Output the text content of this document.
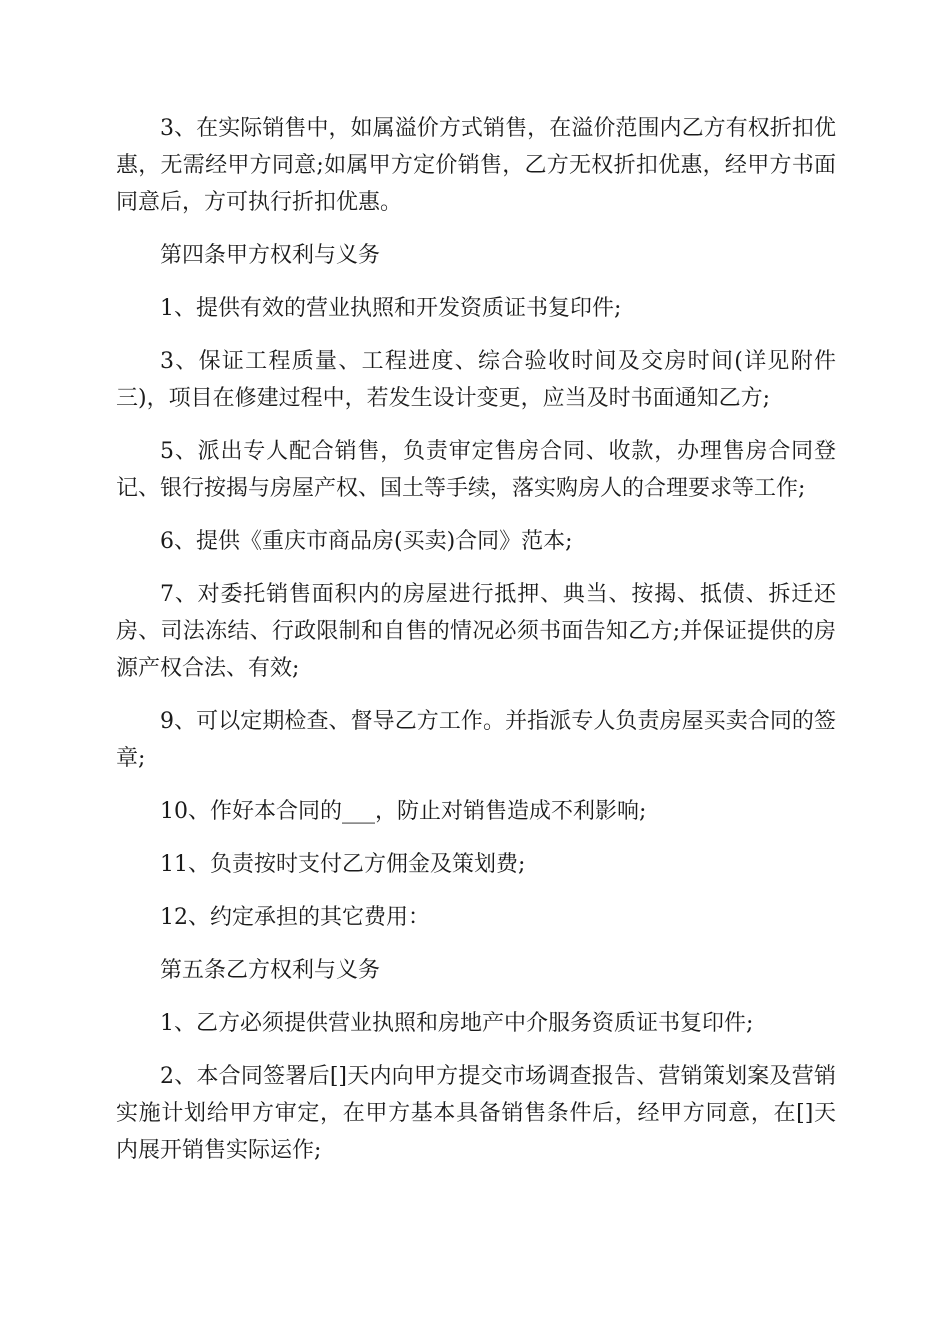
3、在实际销售中，如属溢价方式销售，在溢价范围内乙方有权折扣优惠，无需经甲方同意;如属甲方定价销售，乙方无权折扣优惠，经甲方书面同意后，方可执行折扣优惠。

第四条甲方权利与义务

1、提供有效的营业执照和开发资质证书复印件;

3、保证工程质量、工程进度、综合验收时间及交房时间(详见附件三)，项目在修建过程中，若发生设计变更，应当及时书面通知乙方;

5、派出专人配合销售，负责审定售房合同、收款，办理售房合同登记、银行按揭与房屋产权、国土等手续，落实购房人的合理要求等工作;

6、提供《重庆市商品房(买卖)合同》范本;

7、对委托销售面积内的房屋进行抵押、典当、按揭、抵债、拆迁还房、司法冻结、行政限制和自售的情况必须书面告知乙方;并保证提供的房源产权合法、有效;

9、可以定期检查、督导乙方工作。并指派专人负责房屋买卖合同的签章;

10、作好本合同的___，防止对销售造成不利影响;

11、负责按时支付乙方佣金及策划费;

12、约定承担的其它费用：

第五条乙方权利与义务

1、乙方必须提供营业执照和房地产中介服务资质证书复印件;

2、本合同签署后[]天内向甲方提交市场调查报告、营销策划案及营销实施计划给甲方审定，在甲方基本具备销售条件后，经甲方同意，在[]天内展开销售实际运作;
